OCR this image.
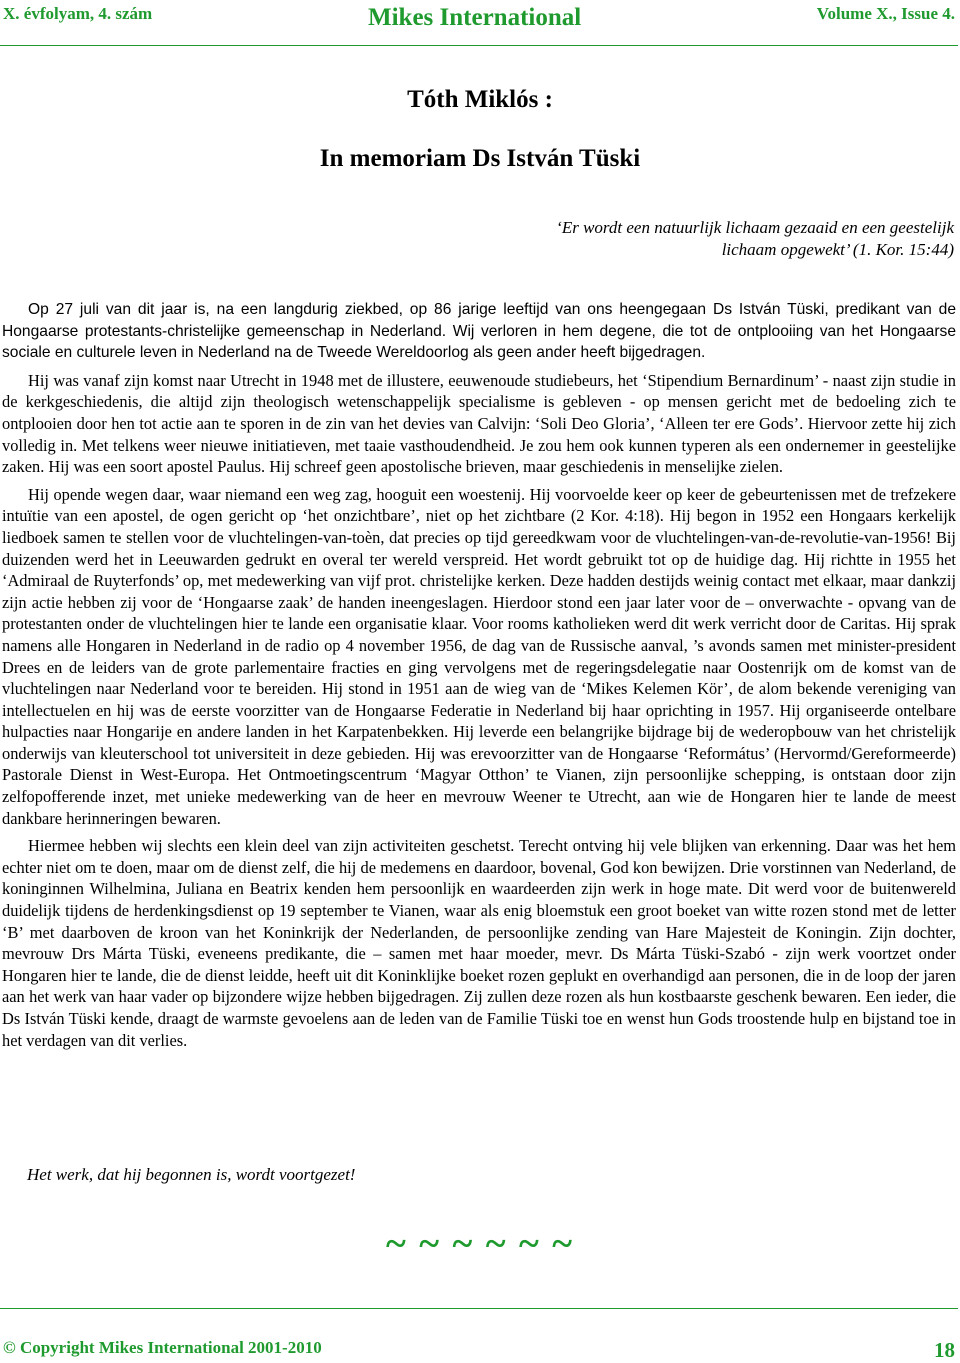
X. évfolyam, 4. szám	Mikes International	Volume X., Issue 4.
Tóth Miklós :
In memoriam Ds István Tüski
‘Er wordt een natuurlijk lichaam gezaaid en een geestelijk lichaam opgewekt’ (1. Kor. 15:44)

Op 27 juli van dit jaar is, na een langdurig ziekbed, op 86 jarige leeftijd van ons heengegaan Ds István Tüski, predikant van de Hongaarse protestants-christelijke gemeenschap in Nederland. Wij verloren in hem degene, die tot de ontplooiing van het Hongaarse sociale en culturele leven in Nederland na de Tweede Wereldoorlog als geen ander heeft bijgedragen.

Hij was vanaf zijn komst naar Utrecht in 1948 met de illustere, eeuwenoude studiebeurs, het ‘Stipendium Bernardinum’ - naast zijn studie in de kerkgeschiedenis, die altijd zijn theologisch wetenschappelijk specialisme is gebleven - op mensen gericht met de bedoeling zich te ontplooien door hen tot actie aan te sporen in de zin van het devies van Calvijn: ‘Soli Deo Gloria’, ‘Alleen ter ere Gods’. Hiervoor zette hij zich volledig in. Met telkens weer nieuwe initiatieven, met taaie vasthoudendheid. Je zou hem ook kunnen typeren als een ondernemer in geestelijke zaken. Hij was een soort apostel Paulus. Hij schreef geen apostolische brieven, maar geschiedenis in menselijke zielen.

Hij opende wegen daar, waar niemand een weg zag, hooguit een woestenij. Hij voorvoelde keer op keer de gebeurtenissen met de trefzekere intuïtie van een apostel, de ogen gericht op ‘het onzichtbare’, niet op het zichtbare (2 Kor. 4:18). Hij begon in 1952 een Hongaars kerkelijk liedboek samen te stellen voor de vluchtelingen-van-toèn, dat precies op tijd gereedkwam voor de vluchtelingen-van-de-revolutie-van-1956! Bij duizenden werd het in Leeuwarden gedrukt en overal ter wereld verspreid. Het wordt gebruikt tot op de huidige dag. Hij richtte in 1955 het ‘Admiraal de Ruyterfonds’ op, met medewerking van vijf prot. christelijke kerken. Deze hadden destijds weinig contact met elkaar, maar dankzij zijn actie hebben zij voor de ‘Hongaarse zaak’ de handen ineengeslagen. Hierdoor stond een jaar later voor de – onverwachte - opvang van de protestanten onder de vluchtelingen hier te lande een organisatie klaar. Voor rooms katholieken werd dit werk verricht door de Caritas. Hij sprak namens alle Hongaren in Nederland in de radio op 4 november 1956, de dag van de Russische aanval, ’s avonds samen met minister-president Drees en de leiders van de grote parlementaire fracties en ging vervolgens met de regeringsdelegatie naar Oostenrijk om de komst van de vluchtelingen naar Nederland voor te bereiden. Hij stond in 1951 aan de wieg van de ‘Mikes Kelemen Kör’, de alom bekende vereniging van intellectuelen en hij was de eerste voorzitter van de Hongaarse Federatie in Nederland bij haar oprichting in 1957. Hij organiseerde ontelbare hulpacties naar Hongarije en andere landen in het Karpatenbekken. Hij leverde een belangrijke bijdrage bij de wederopbouw van het christelijk onderwijs van kleuterschool tot universiteit in deze gebieden. Hij was erevoorzitter van de Hongaarse ‘Református’ (Hervormd/Gereformeerde) Pastorale Dienst in West-Europa. Het Ontmoetingscentrum ‘Magyar Otthon’ te Vianen, zijn persoonlijke schepping, is ontstaan door zijn zelfopofferende inzet, met unieke medewerking van de heer en mevrouw Weener te Utrecht, aan wie de Hongaren hier te lande de meest dankbare herinneringen bewaren.

Hiermee hebben wij slechts een klein deel van zijn activiteiten geschetst. Terecht ontving hij vele blijken van erkenning. Daar was het hem echter niet om te doen, maar om de dienst zelf, die hij de medemens en daardoor, bovenal, God kon bewijzen. Drie vorstinnen van Nederland, de koninginnen Wilhelmina, Juliana en Beatrix kenden hem persoonlijk en waardeerden zijn werk in hoge mate. Dit werd voor de buitenwereld duidelijk tijdens de herdenkingsdienst op 19 september te Vianen, waar als enig bloemstuk een groot boeket van witte rozen stond met de letter ‘B’ met daarboven de kroon van het Koninkrijk der Nederlanden, de persoonlijke zending van Hare Majesteit de Koningin. Zijn dochter, mevrouw Drs Márta Tüski, eveneens predikante, die – samen met haar moeder, mevr. Ds Márta Tüski-Szabó - zijn werk voortzet onder Hongaren hier te lande, die de dienst leidde, heeft uit dit Koninklijke boeket rozen geplukt en overhandigd aan personen, die in de loop der jaren aan het werk van haar vader op bijzondere wijze hebben bijgedragen. Zij zullen deze rozen als hun kostbaarste geschenk bewaren. Een ieder, die Ds István Tüski kende, draagt de warmste gevoelens aan de leden van de Familie Tüski toe en wenst hun Gods troostende hulp en bijstand toe in het verdagen van dit verlies.

Het werk, dat hij begonnen is, wordt voortgezet!
~ ~ ~ ~ ~ ~
© Copyright Mikes International 2001-2010	18
